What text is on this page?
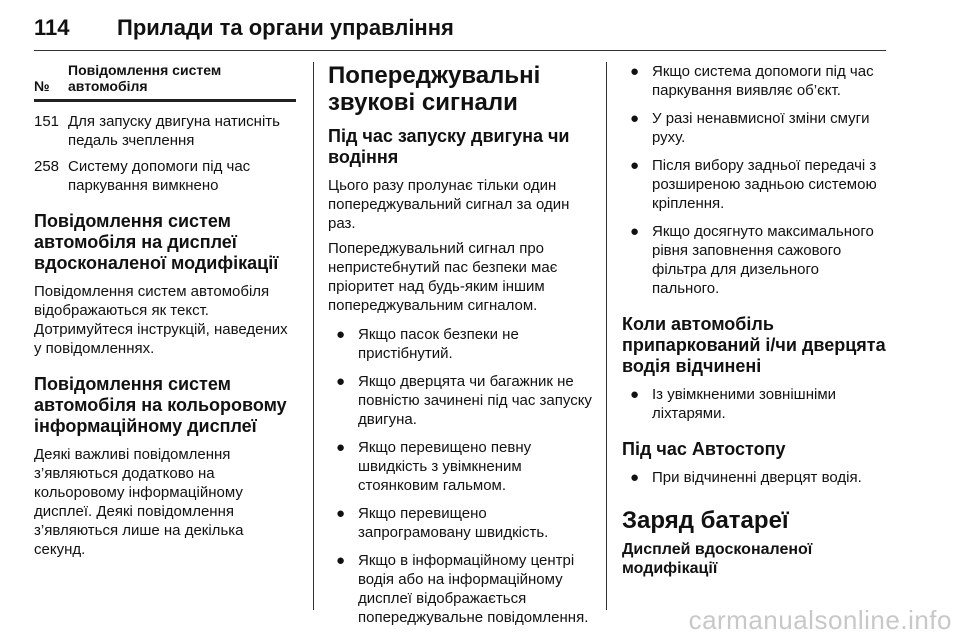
114 Прилади та органи управління
№
Повідомлення систем автомобіля
151 Для запуску двигуна натисніть педаль зчеплення
258 Систему допомоги під час паркування вимкнено
Повідомлення систем автомобіля на дисплеї вдосконаленої модифікації

Повідомлення систем автомобіля відображаються як текст. Дотримуйтеся інструкцій, наведених у повідомленнях.

Повідомлення систем автомобіля на кольоровому інформаційному дисплеї

Деякі важливі повідомлення з’являються додатково на кольоровому інформаційному дисплеї. Деякі повідомлення з’являються лише на декілька секунд.

Попереджувальні звукові сигнали
Під час запуску двигуна чи водіння

Цього разу пролунає тільки один попереджувальний сигнал за один раз.

Попереджувальний сигнал про непристебнутий пас безпеки має пріоритет над будь-яким іншим попереджувальним сигналом.

● Якщо пасок безпеки не пристібнутий.
● Якщо дверцята чи багажник не повністю зачинені під час запуску двигуна.
● Якщо перевищено певну швидкість з увімкненим стоянковим гальмом.
● Якщо перевищено запрограмовану швидкість.
● Якщо в інформаційному центрі водія або на інформаційному дисплеї відображається попереджувальне повідомлення.
● Якщо система допомоги під час паркування виявляє об’єкт.
● У разі ненавмисної зміни смуги руху.
● Після вибору задньої передачі з розширеною задньою системою кріплення.
● Якщо досягнуто максимального рівня заповнення сажового фільтра для дизельного пального.
Коли автомобіль припаркований і/чи дверцята водія відчинені
● Із увімкненими зовнішніми ліхтарями.
Під час Автостопу
● При відчиненні дверцят водія.
Заряд батареї
Дисплей вдосконаленої модифікації
carmanualsonline.info
